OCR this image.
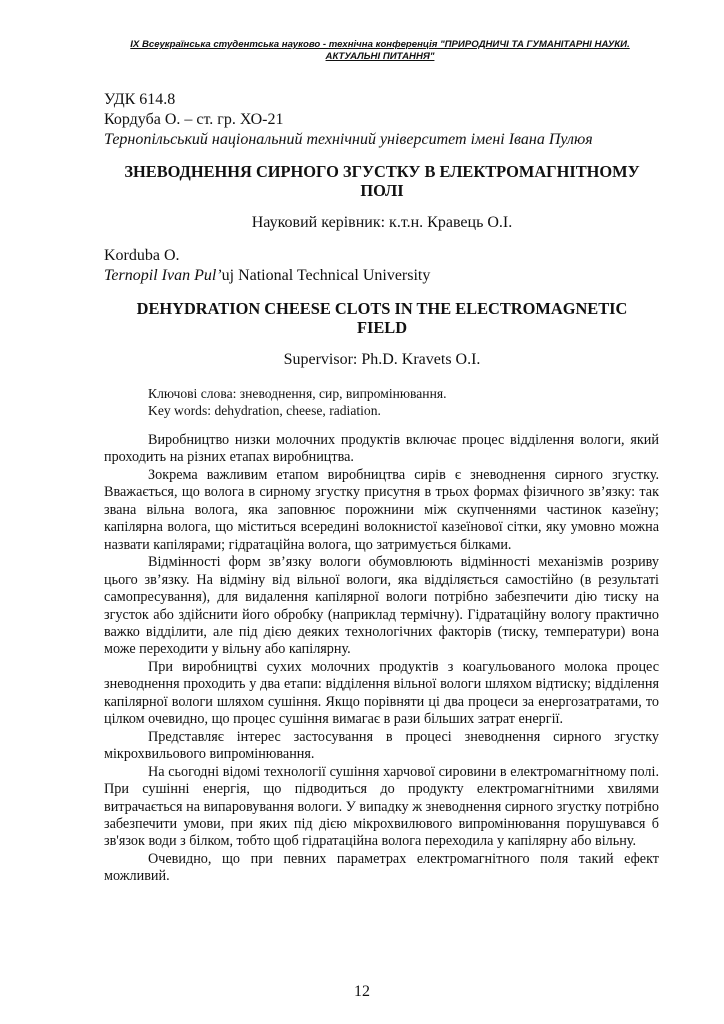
IX Всеукраїнська студентська науково - технічна конференція "ПРИРОДНИЧІ ТА ГУМАНІТАРНІ НАУКИ.
АКТУАЛЬНІ ПИТАННЯ"
УДК 614.8
Кордуба О. – ст. гр. ХО-21
Тернопільський національний технічний університет імені Івана Пулюя
ЗНЕВОДНЕННЯ СИРНОГО ЗГУСТКУ В ЕЛЕКТРОМАГНІТНОМУ
ПОЛІ
Науковий керівник: к.т.н. Кравець О.І.
Korduba O.
Ternopil Ivan Pul’uj National Technical University
DEHYDRATION CHEESE CLOTS IN THE ELECTROMAGNETIC
FIELD
Supervisor: Ph.D. Kravets O.I.
Ключові слова: зневоднення, сир, випромінювання.
Key words: dehydration, cheese, radiation.

Виробництво низки молочних продуктів включає процес відділення вологи, який проходить на різних етапах виробництва.

Зокрема важливим етапом виробництва сирів є зневоднення сирного згустку. Вважається, що волога в сирному згустку присутня в трьох формах фізичного зв’язку: так звана вільна волога, яка заповнює порожнини між скупченнями частинок казеїну; капілярна волога, що міститься всередині волокнистої казеїнової сітки, яку умовно можна назвати капілярами; гідратаційна волога, що затримується білками.

Відмінності форм зв’язку вологи обумовлюють відмінності механізмів розриву цього зв’язку. На відміну від вільної вологи, яка відділяється самостійно (в результаті самопресування), для видалення капілярної вологи потрібно забезпечити дію тиску на згусток або здійснити його обробку (наприклад термічну). Гідратаційну вологу практично важко відділити, але під дією деяких технологічних факторів (тиску, температури) вона може переходити у вільну або капілярну.

При виробництві сухих молочних продуктів з коагульованого молока процес зневоднення проходить у два етапи: відділення вільної вологи шляхом відтиску; відділення капілярної вологи шляхом сушіння. Якщо порівняти ці два процеси за енергозатратами, то цілком очевидно, що процес сушіння вимагає в рази більших затрат енергії.

Представляє інтерес застосування в процесі зневоднення сирного згустку мікрохвильового випромінювання.

На сьогодні відомі технології сушіння харчової сировини в електромагнітному полі. При сушінні енергія, що підводиться до продукту електромагнітними хвилями витрачається на випаровування вологи. У випадку ж зневоднення сирного згустку потрібно забезпечити умови, при яких під дією мікрохвилювого випромінювання порушувався б зв'язок води з білком, тобто щоб гідратаційна волога переходила у капілярну або вільну.

Очевидно, що при певних параметрах електромагнітного поля такий ефект можливий.

12
